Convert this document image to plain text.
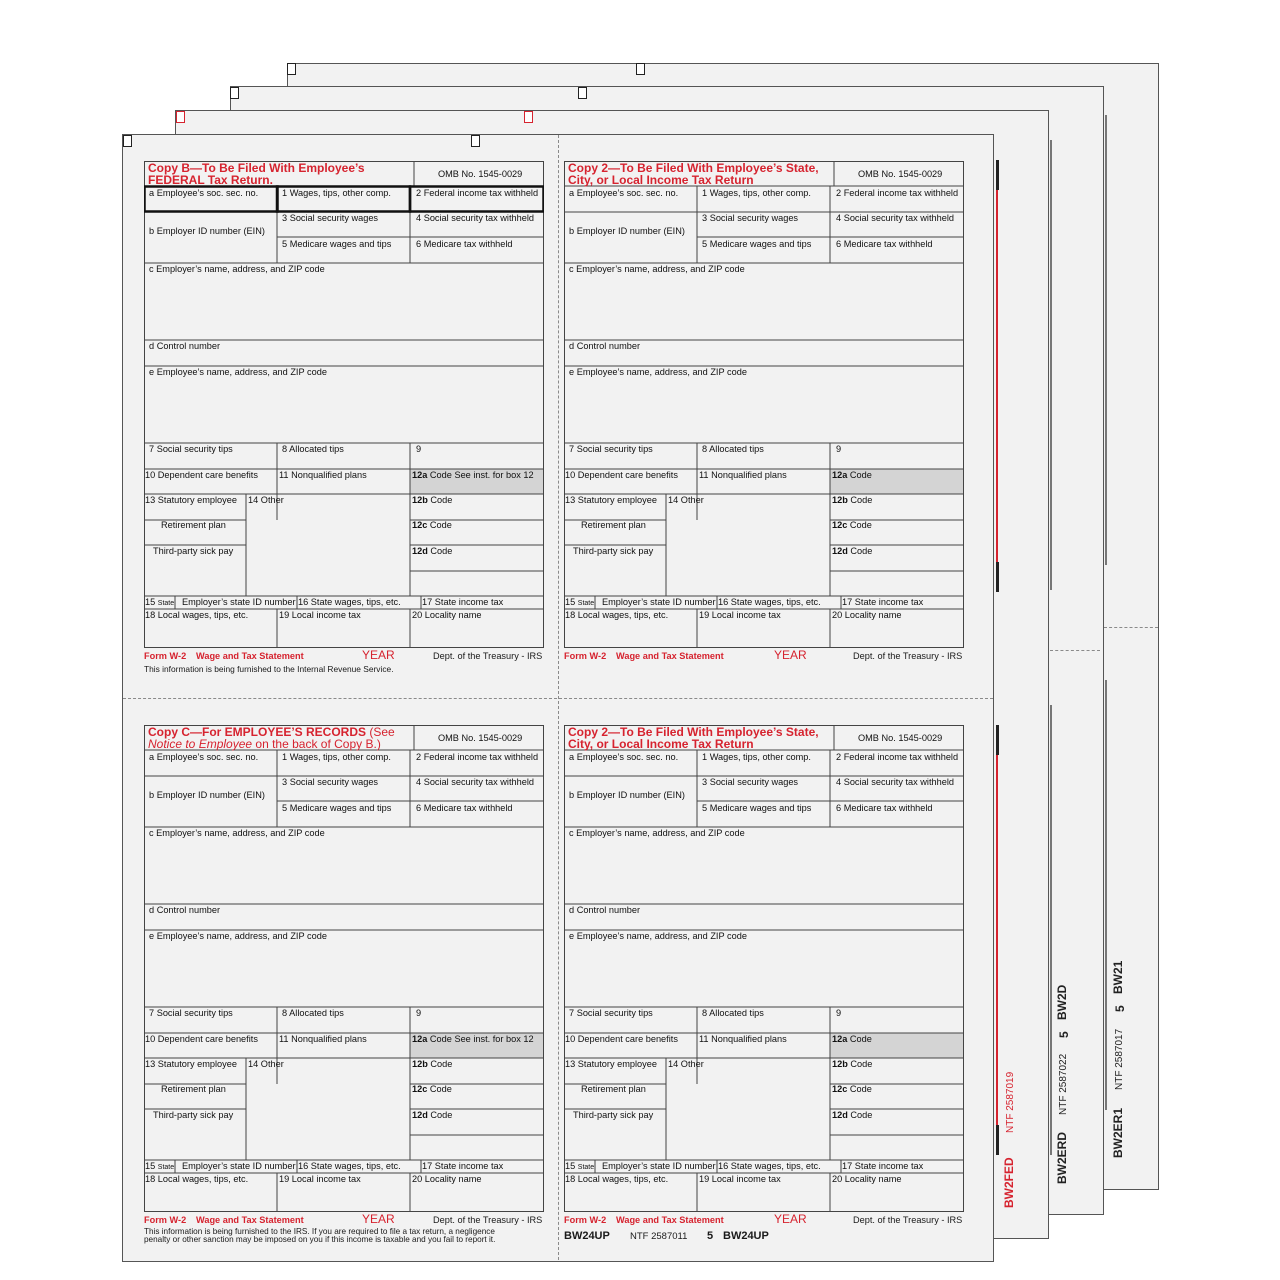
BW2FED
NTF 2587019
BW2ERD
NTF 2587022
5
BW2D
BW2ER1
NTF 2587017
5
BW21
Copy B—To Be Filed With Employee’s
FEDERAL Tax Return.	OMB No. 1545-0029
a Employee’s soc. sec. no.	1 Wages, tips, other comp.	2 Federal income tax withheld
3 Social security wages	4 Social security tax withheld
b Employer ID number (EIN)
5 Medicare wages and tips	6 Medicare tax withheld
c Employer’s name, address, and ZIP code
d Control number
e Employee’s name, address, and ZIP code
7 Social security tips	8 Allocated tips	9
10 Dependent care benefits 11 Nonqualified plans	12a Code See inst. for box 12
13 Statutory employee 14 Other	12b Code
Retirement plan	12c Code
Third-party sick pay	12d Code
15 State Employer’s state ID number 16 State wages, tips, etc. 17 State income tax
18 Local wages, tips, etc.	19 Local income tax	20 Locality name
Form W-2 Wage and Tax Statement	YEAR	Dept. of the Treasury - IRS
This information is being furnished to the Internal Revenue Service.
Copy 2—To Be Filed With Employee’s State,
City, or Local Income Tax Return	OMB No. 1545-0029
a Employee’s soc. sec. no.	1 Wages, tips, other comp.	2 Federal income tax withheld
3 Social security wages	4 Social security tax withheld
b Employer ID number (EIN)
5 Medicare wages and tips	6 Medicare tax withheld
c Employer’s name, address, and ZIP code
d Control number
e Employee’s name, address, and ZIP code
7 Social security tips	8 Allocated tips	9
10 Dependent care benefits 11 Nonqualified plans	12a Code
13 Statutory employee 14 Other	12b Code
Retirement plan	12c Code
Third-party sick pay	12d Code
15 State Employer’s state ID number 16 State wages, tips, etc. 17 State income tax
18 Local wages, tips, etc.	19 Local income tax	20 Locality name
Form W-2 Wage and Tax Statement	YEAR	Dept. of the Treasury - IRS
Copy C—For EMPLOYEE’S RECORDS (See
Notice to Employee on the back of Copy B.)	OMB No. 1545-0029
a Employee’s soc. sec. no.	1 Wages, tips, other comp.	2 Federal income tax withheld
3 Social security wages	4 Social security tax withheld
b Employer ID number (EIN)
5 Medicare wages and tips	6 Medicare tax withheld
c Employer’s name, address, and ZIP code
d Control number
e Employee’s name, address, and ZIP code
7 Social security tips	8 Allocated tips	9
10 Dependent care benefits 11 Nonqualified plans	12a Code See inst. for box 12
13 Statutory employee 14 Other	12b Code
Retirement plan	12c Code
Third-party sick pay	12d Code
15 State Employer’s state ID number 16 State wages, tips, etc. 17 State income tax
18 Local wages, tips, etc.	19 Local income tax	20 Locality name
Form W-2 Wage and Tax Statement	YEAR	Dept. of the Treasury - IRS
This information is being furnished to the IRS. If you are required to file a tax return, a negligence
penalty or other sanction may be imposed on you if this income is taxable and you fail to report it.
Copy 2—To Be Filed With Employee’s State,
City, or Local Income Tax Return	OMB No. 1545-0029
a Employee’s soc. sec. no.	1 Wages, tips, other comp.	2 Federal income tax withheld
3 Social security wages	4 Social security tax withheld
b Employer ID number (EIN)
5 Medicare wages and tips	6 Medicare tax withheld
c Employer’s name, address, and ZIP code
d Control number
e Employee’s name, address, and ZIP code
7 Social security tips	8 Allocated tips	9
10 Dependent care benefits 11 Nonqualified plans	12a Code
13 Statutory employee 14 Other	12b Code
Retirement plan	12c Code
Third-party sick pay	12d Code
15 State Employer’s state ID number 16 State wages, tips, etc. 17 State income tax
18 Local wages, tips, etc.	19 Local income tax	20 Locality name
Form W-2 Wage and Tax Statement	YEAR	Dept. of the Treasury - IRS
BW24UP NTF 2587011 5 BW24UP
